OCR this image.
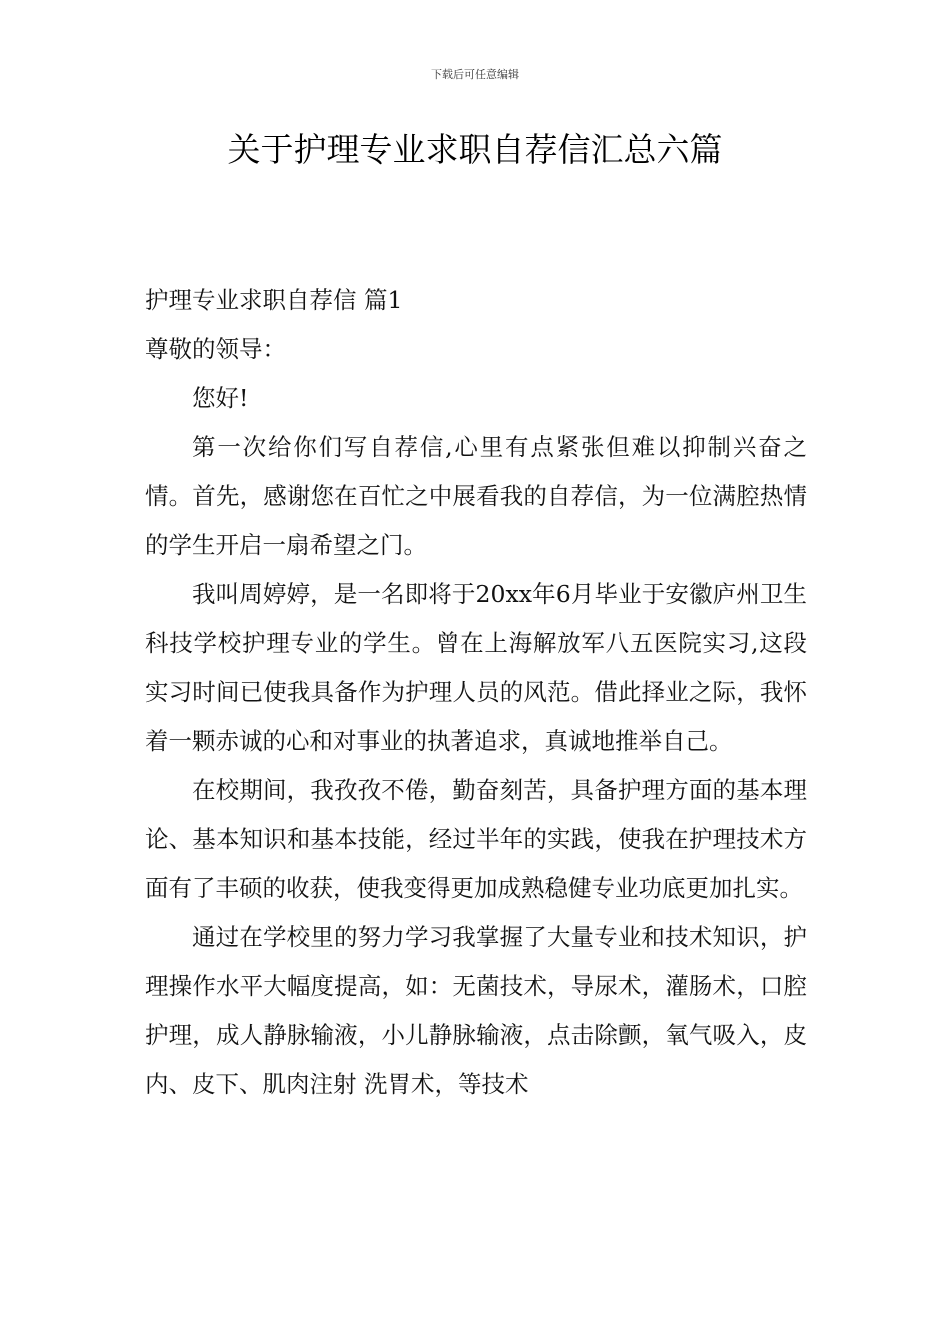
下载后可任意编辑
关于护理专业求职自荐信汇总六篇

护理专业求职自荐信 篇1

尊敬的领导：

您好!

第一次给你们写自荐信,心里有点紧张但难以抑制兴奋之情。首先，感谢您在百忙之中展看我的自荐信，为一位满腔热情的学生开启一扇希望之门。

我叫周婷婷，是一名即将于20xx年6月毕业于安徽庐州卫生科技学校护理专业的学生。曾在上海解放军八五医院实习,这段实习时间已使我具备作为护理人员的风范。借此择业之际，我怀着一颗赤诚的心和对事业的执著追求，真诚地推举自己。

在校期间，我孜孜不倦，勤奋刻苦，具备护理方面的基本理论、基本知识和基本技能，经过半年的实践，使我在护理技术方面有了丰硕的收获，使我变得更加成熟稳健专业功底更加扎实。

通过在学校里的努力学习我掌握了大量专业和技术知识，护理操作水平大幅度提高，如：无菌技术，导尿术，灌肠术，口腔护理，成人静脉输液，小儿静脉输液，点击除颤，氧气吸入，皮内、皮下、肌肉注射 洗胃术，等技术
